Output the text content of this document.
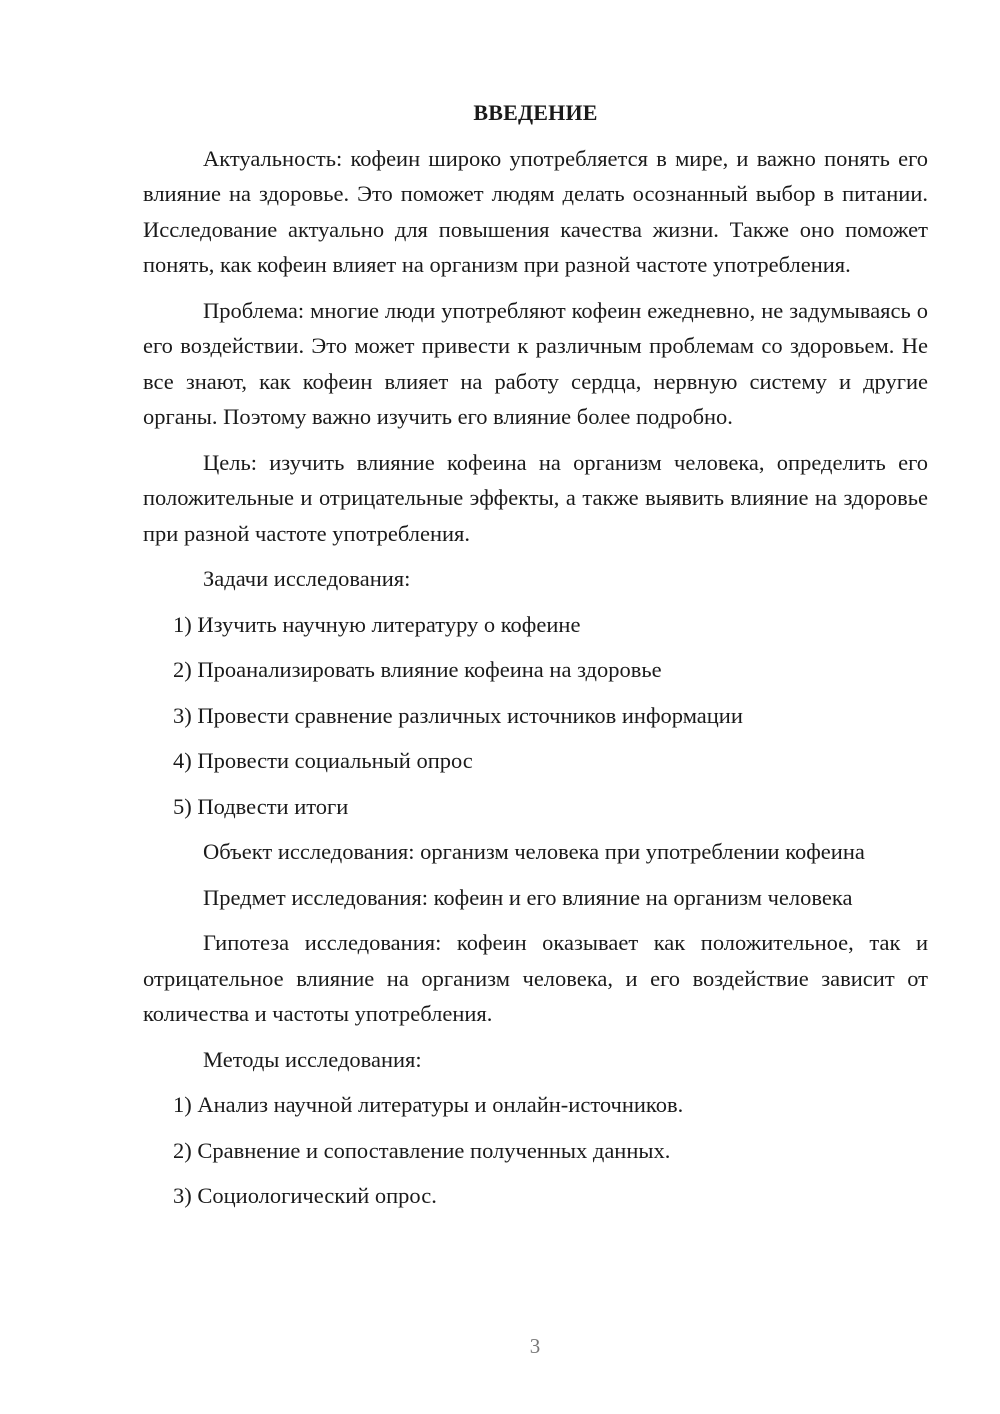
ВВЕДЕНИЕ

Актуальность: кофеин широко употребляется в мире, и важно понять его влияние на здоровье. Это поможет людям делать осознанный выбор в питании. Исследование актуально для повышения качества жизни. Также оно поможет понять, как кофеин влияет на организм при разной частоте употребления.

Проблема: многие люди употребляют кофеин ежедневно, не задумываясь о его воздействии. Это может привести к различным проблемам со здоровьем. Не все знают, как кофеин влияет на работу сердца, нервную систему и другие органы. Поэтому важно изучить его влияние более подробно.

Цель: изучить влияние кофеина на организм человека, определить его положительные и отрицательные эффекты, а также выявить влияние на здоровье при разной частоте употребления.

Задачи исследования:

1) Изучить научную литературу о кофеине
2) Проанализировать влияние кофеина на здоровье
3) Провести сравнение различных источников информации
4) Провести социальный опрос
5) Подвести итоги

Объект исследования: организм человека при употреблении кофеина

Предмет исследования: кофеин и его влияние на организм человека

Гипотеза исследования: кофеин оказывает как положительное, так и отрицательное влияние на организм человека, и его воздействие зависит от количества и частоты употребления.

Методы исследования:

1) Анализ научной литературы и онлайн-источников.
2) Сравнение и сопоставление полученных данных.
3) Социологический опрос.
3
